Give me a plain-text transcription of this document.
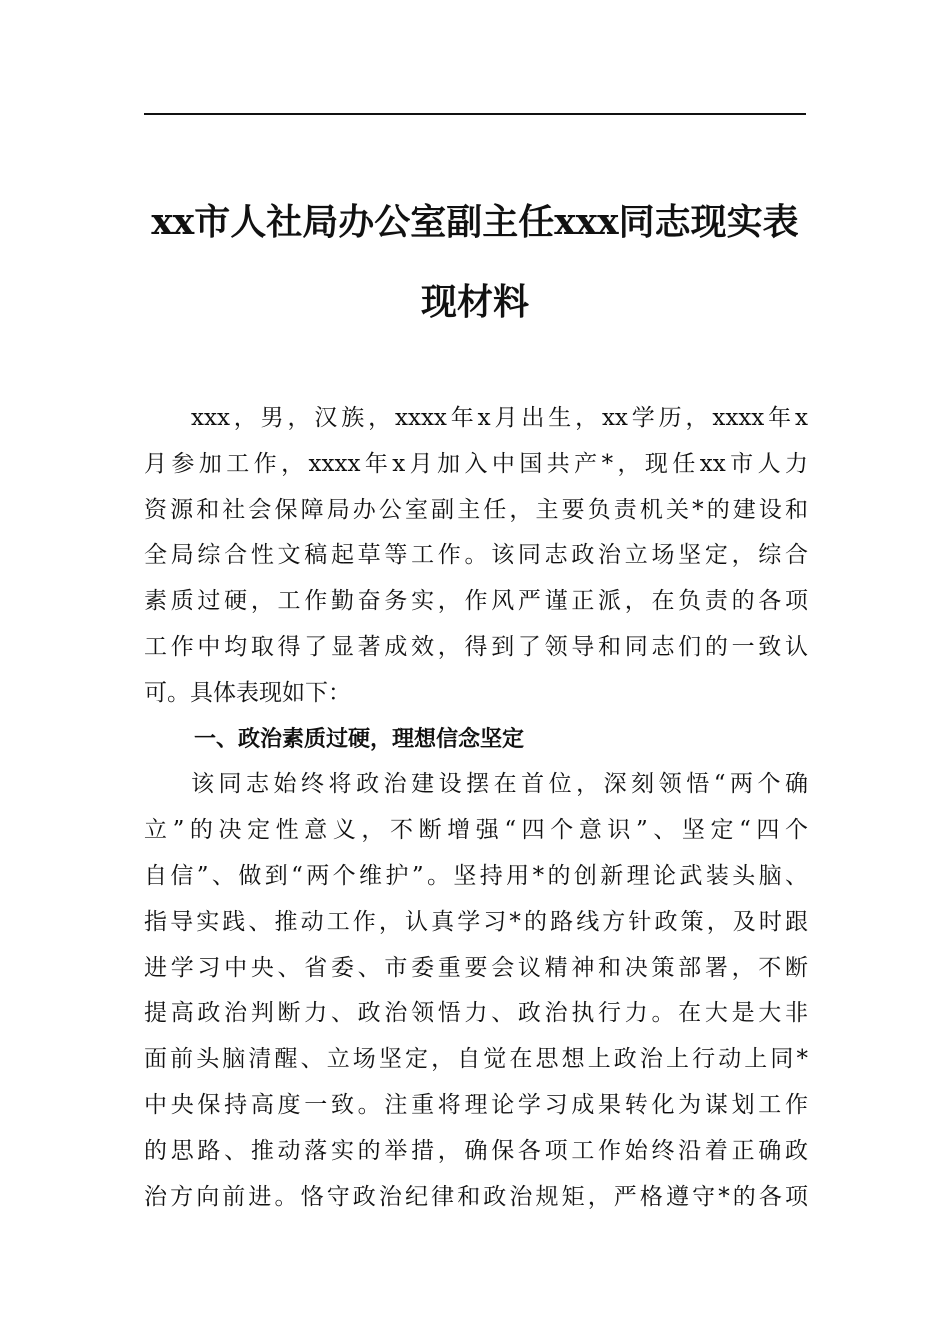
xx市人社局办公室副主任xxx同志现实表
现材料
xxx，男，汉族，xxxx年x月出生，xx学历，xxxx年x
月参加工作，xxxx年x月加入中国共产*，现任xx市人力
资源和社会保障局办公室副主任，主要负责机关*的建设和
全局综合性文稿起草等工作。该同志政治立场坚定，综合
素质过硬，工作勤奋务实，作风严谨正派，在负责的各项
工作中均取得了显著成效，得到了领导和同志们的一致认
可。具体表现如下：
一、政治素质过硬，理想信念坚定
该同志始终将政治建设摆在首位，深刻领悟“两个确
立”的决定性意义，不断增强“四个意识”、坚定“四个
自信”、做到“两个维护”。坚持用*的创新理论武装头脑、
指导实践、推动工作，认真学习*的路线方针政策，及时跟
进学习中央、省委、市委重要会议精神和决策部署，不断
提高政治判断力、政治领悟力、政治执行力。在大是大非
面前头脑清醒、立场坚定，自觉在思想上政治上行动上同*
中央保持高度一致。注重将理论学习成果转化为谋划工作
的思路、推动落实的举措，确保各项工作始终沿着正确政
治方向前进。恪守政治纪律和政治规矩，严格遵守*的各项
